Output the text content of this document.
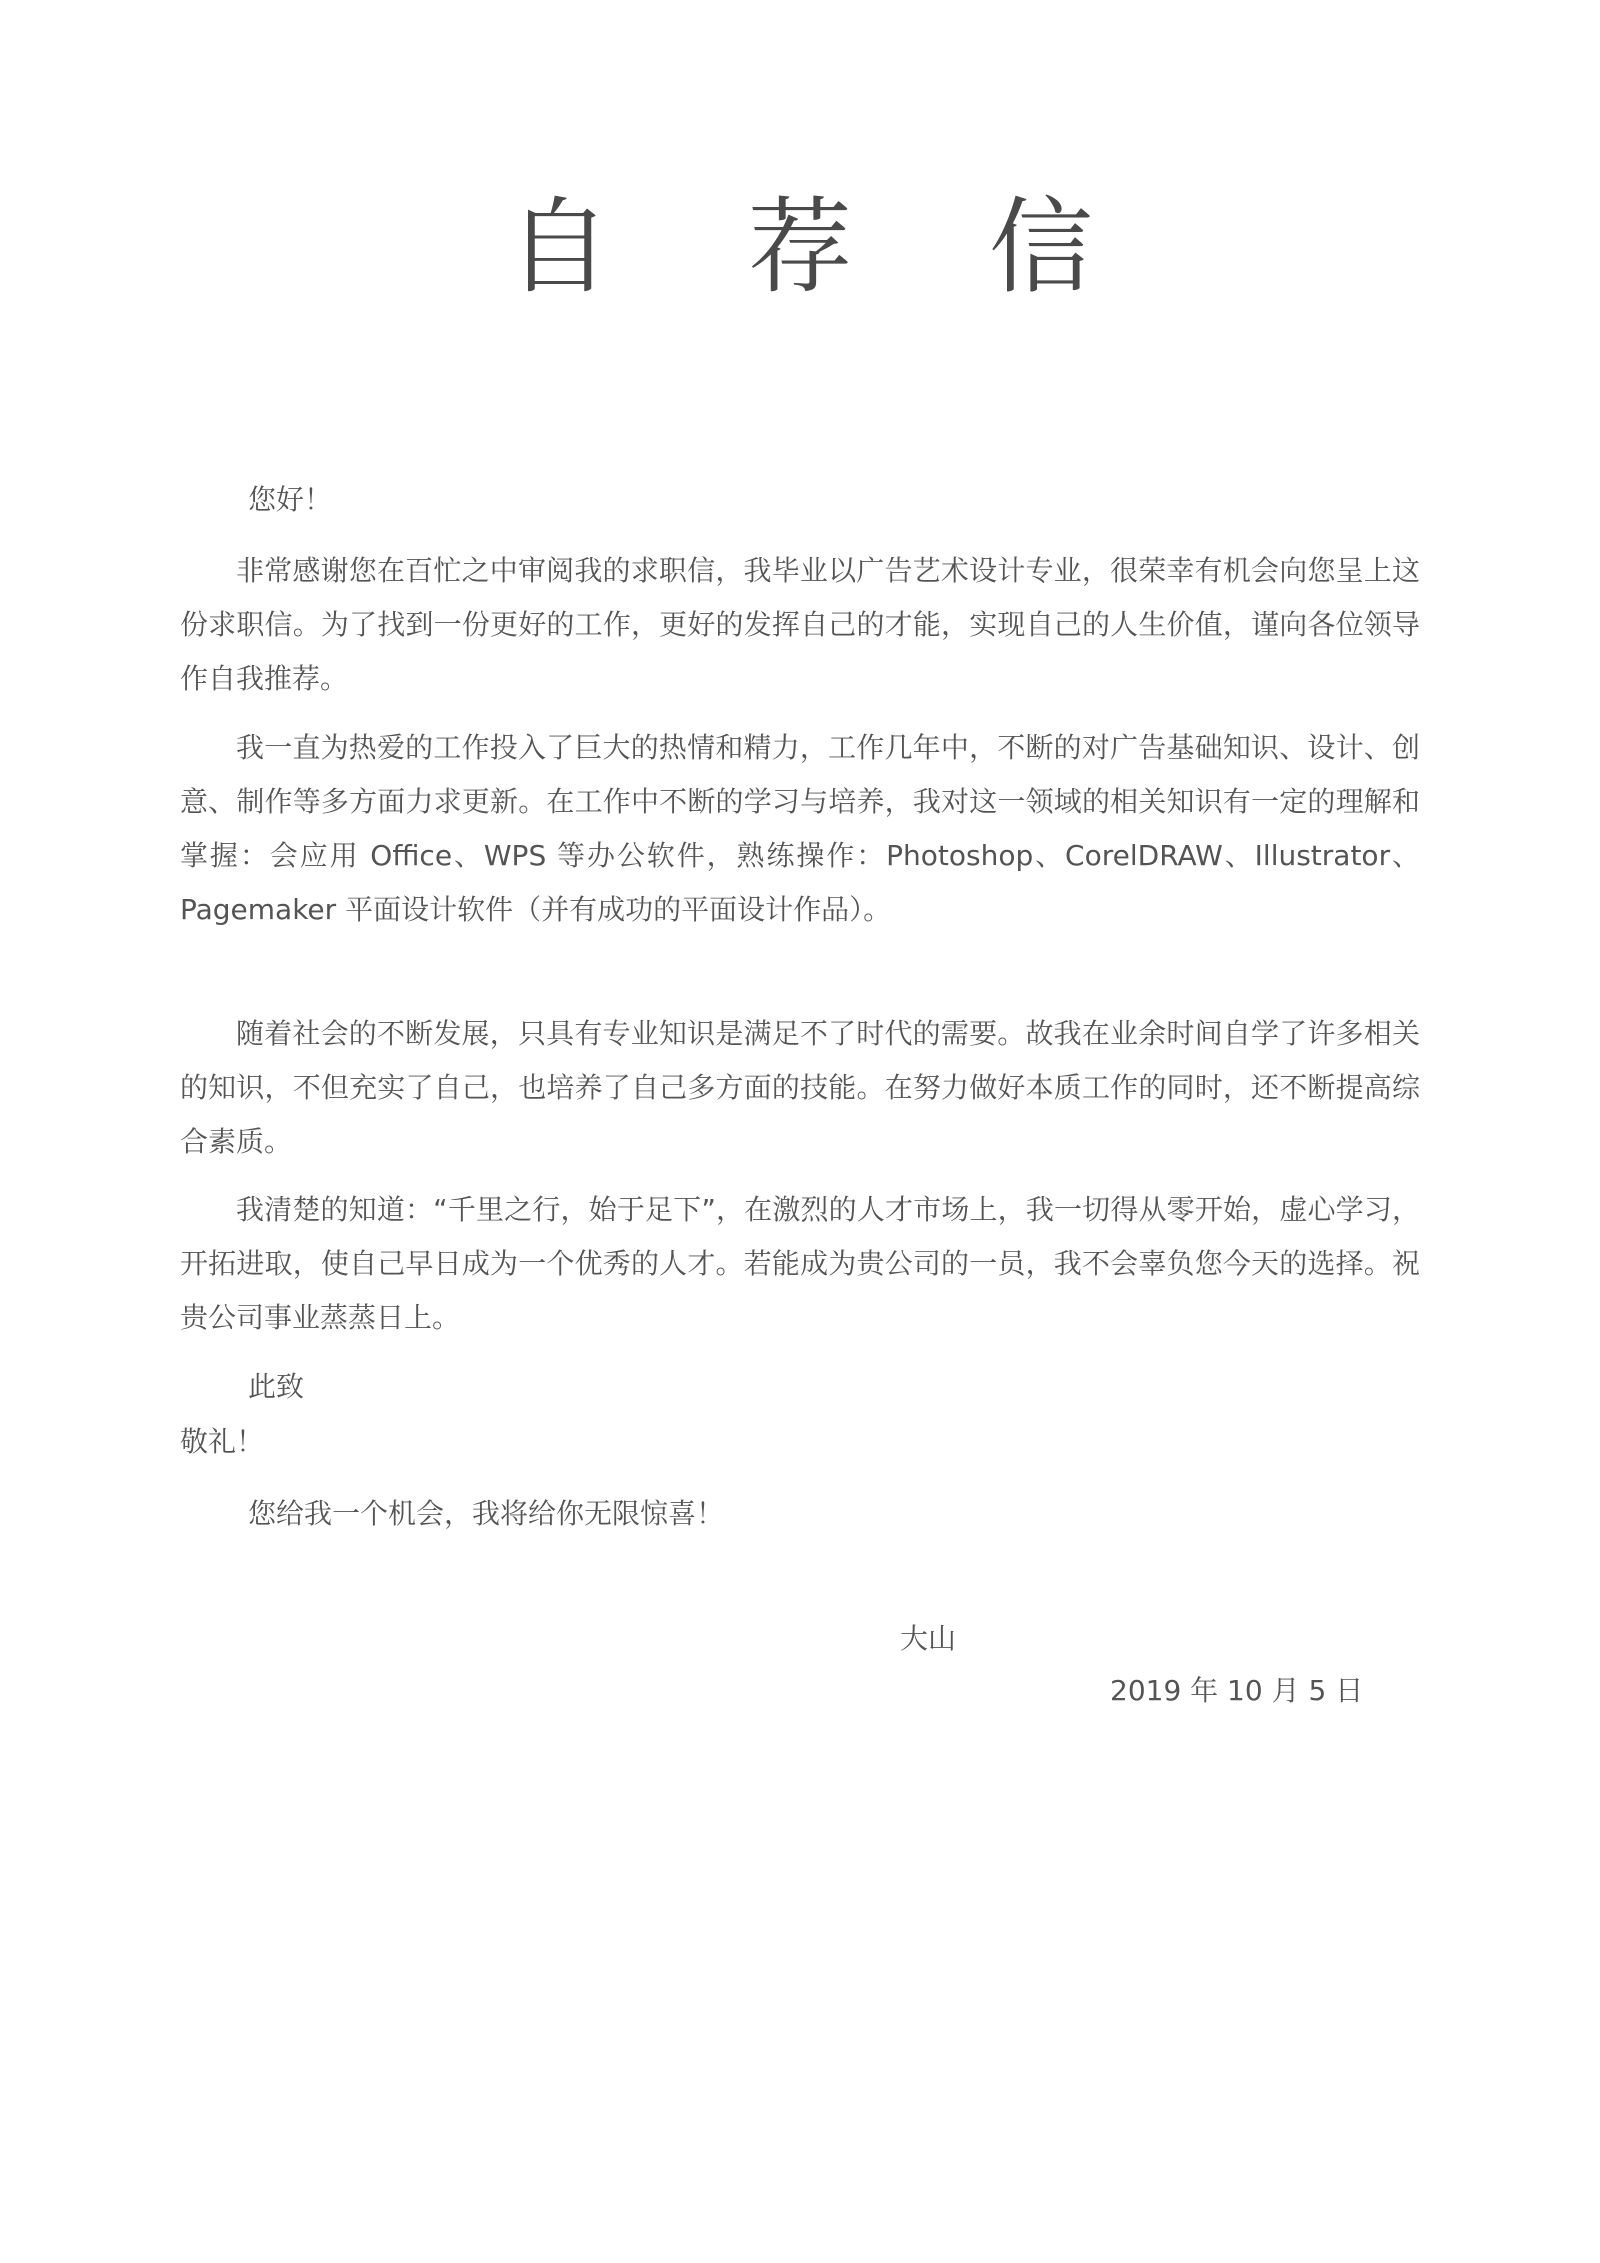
自 荐 信
您好！

非常感谢您在百忙之中审阅我的求职信，我毕业以广告艺术设计专业，很荣幸有机会向您呈上这份求职信。为了找到一份更好的工作，更好的发挥自己的才能，实现自己的人生价值，谨向各位领导作自我推荐。

我一直为热爱的工作投入了巨大的热情和精力，工作几年中，不断的对广告基础知识、设计、创意、制作等多方面力求更新。在工作中不断的学习与培养，我对这一领域的相关知识有一定的理解和掌握：会应用 Office、WPS 等办公软件，熟练操作：Photoshop、CorelDRAW、Illustrator、Pagemaker 平面设计软件（并有成功的平面设计作品）。

随着社会的不断发展，只具有专业知识是满足不了时代的需要。故我在业余时间自学了许多相关的知识，不但充实了自己，也培养了自己多方面的技能。在努力做好本质工作的同时，还不断提高综合素质。

我清楚的知道：“千里之行，始于足下”，在激烈的人才市场上，我一切得从零开始，虚心学习，开拓进取，使自己早日成为一个优秀的人才。若能成为贵公司的一员，我不会辜负您今天的选择。祝贵公司事业蒸蒸日上。

此致
敬礼！
您给我一个机会，我将给你无限惊喜！
大山
2019 年 10 月 5 日
